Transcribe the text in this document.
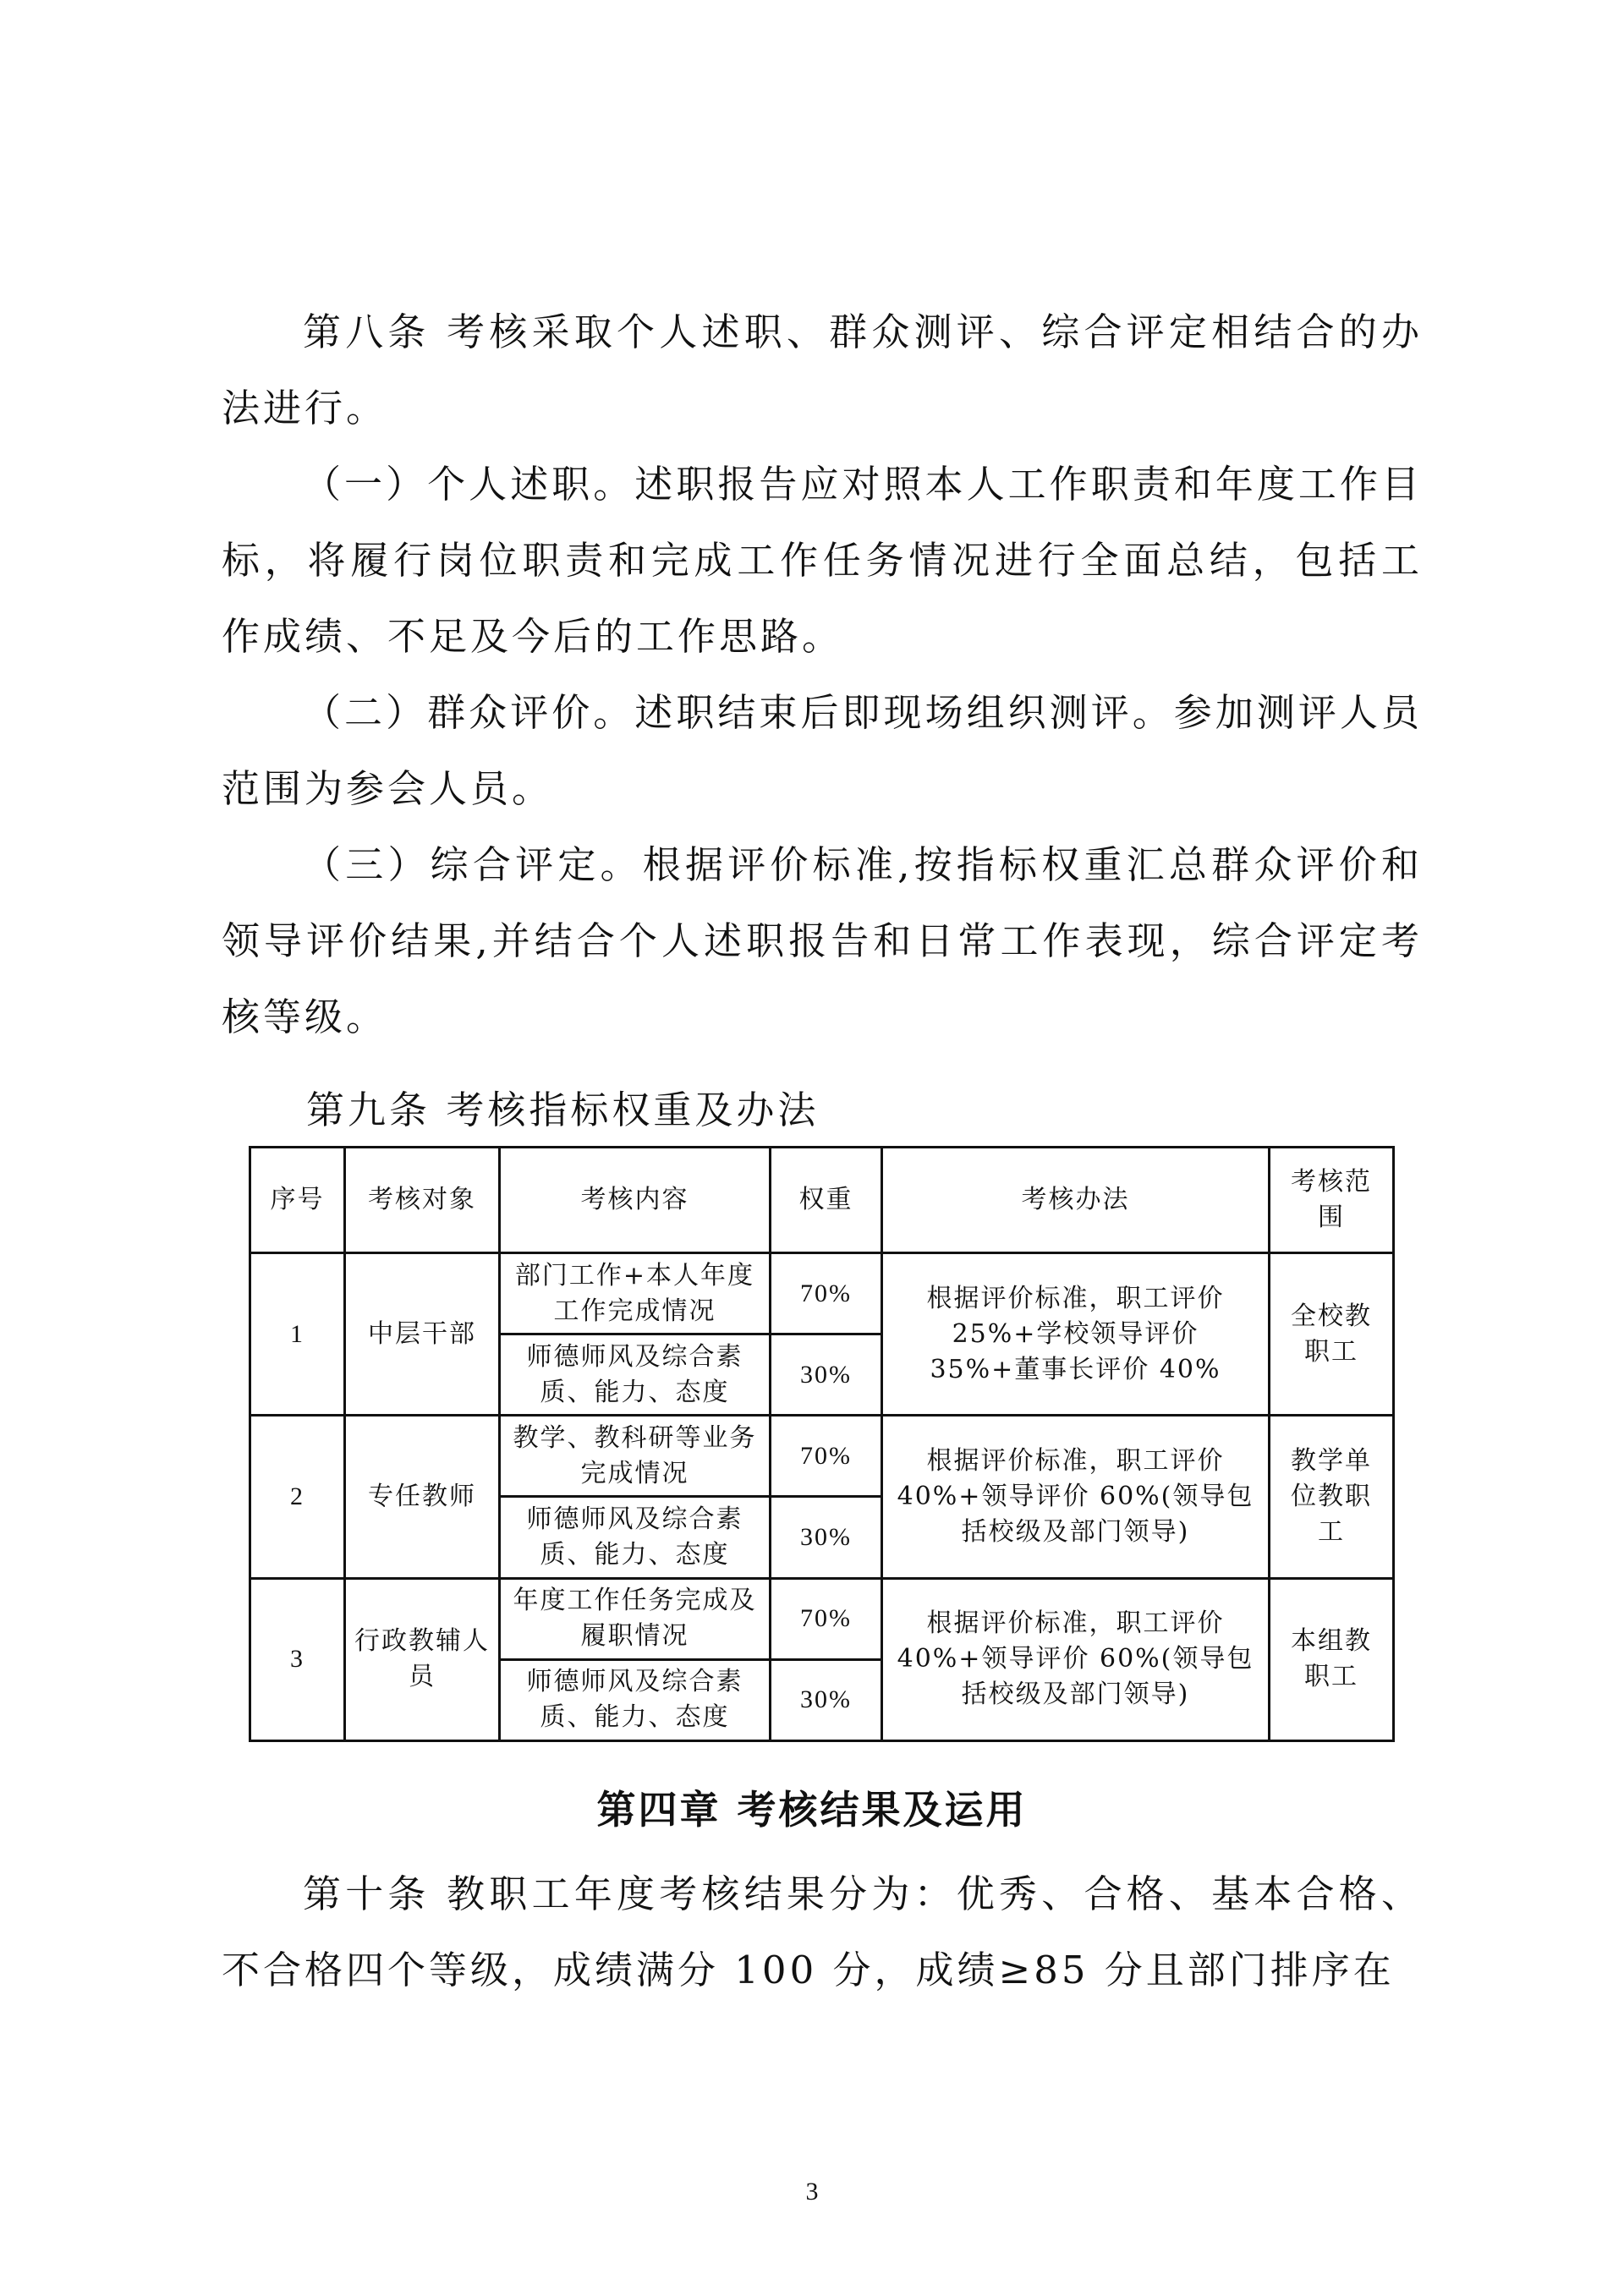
第八条 考核采取个人述职、群众测评、综合评定相结合的办法进行。

（一）个人述职。述职报告应对照本人工作职责和年度工作目标，将履行岗位职责和完成工作任务情况进行全面总结，包括工作成绩、不足及今后的工作思路。

（二）群众评价。述职结束后即现场组织测评。参加测评人员范围为参会人员。

（三）综合评定。根据评价标准,按指标权重汇总群众评价和领导评价结果,并结合个人述职报告和日常工作表现，综合评定考核等级。

第九条 考核指标权重及办法

序号	考核对象	考核内容	权重	考核办法	考核范围
1	中层干部	部门工作+本人年度工作完成情况	70%	根据评价标准，职工评价25%+学校领导评价 35%+董事长评价 40%	全校教职工
		师德师风及综合素质、能力、态度	30%		
2	专任教师	教学、教科研等业务完成情况	70%	根据评价标准，职工评价40%+领导评价 60%(领导包括校级及部门领导)	教学单位教职工
		师德师风及综合素质、能力、态度	30%		
3	行政教辅人员	年度工作任务完成及履职情况	70%	根据评价标准，职工评价40%+领导评价 60%(领导包括校级及部门领导)	本组教职工
		师德师风及综合素质、能力、态度	30%		
第四章 考核结果及运用

第十条 教职工年度考核结果分为：优秀、合格、基本合格、不合格四个等级，成绩满分 100 分，成绩≥85 分且部门排序在

3
